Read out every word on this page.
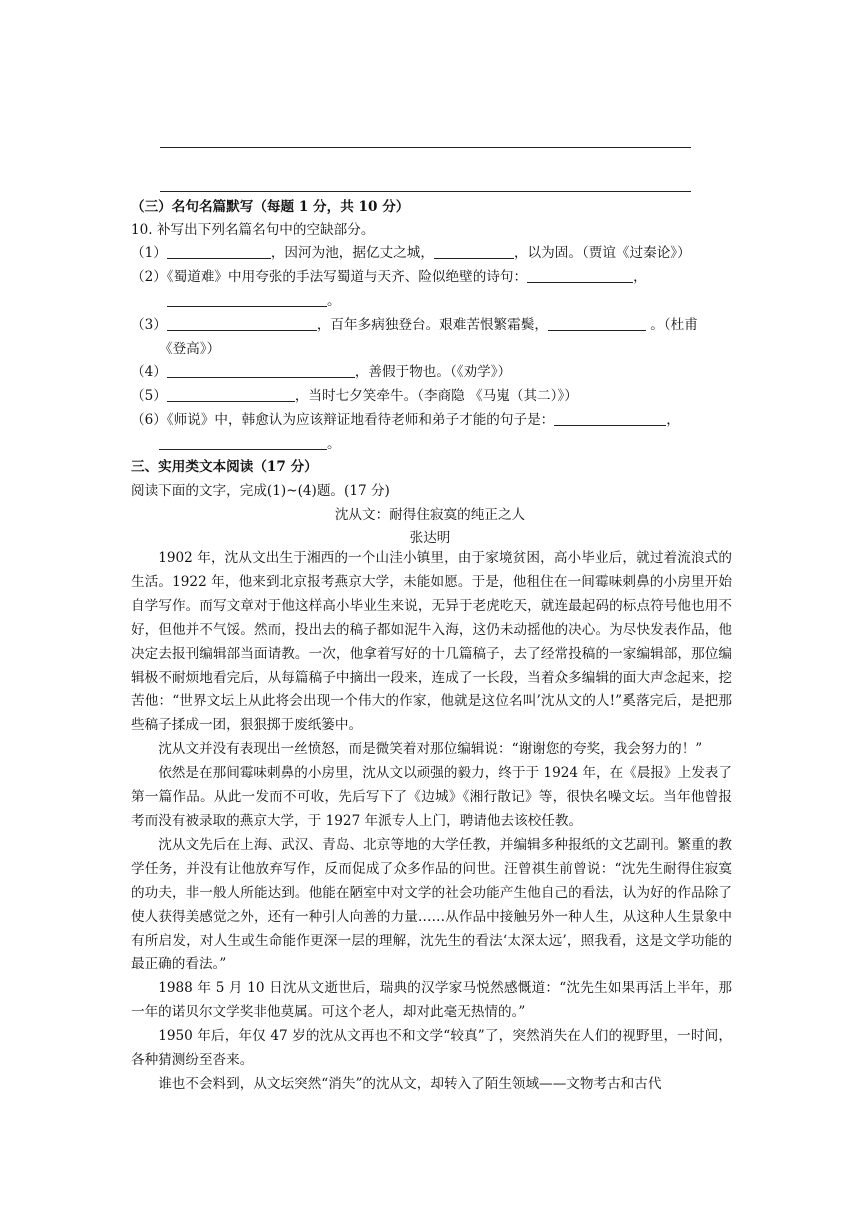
（三）名句名篇默写（每题 1 分，共 10 分）
10. 补写出下列名篇名句中的空缺部分。
（1）	，因河为池，据亿丈之城，	，以为固。（贾谊《过秦论》）
（2）《蜀道难》中用夸张的手法写蜀道与天齐、险似绝壁的诗句：	，
。
（3）	，百年多病独登台。艰难苦恨繁霜鬓，	。（杜甫
《登高》）
（4）	，善假于物也。（《劝学》）
（5）	，当时七夕笑牵牛。（李商隐 《马嵬（其二）》）
（6）《师说》中，韩愈认为应该辩证地看待老师和弟子才能的句子是：	，
。
三、实用类文本阅读（17 分）
阅读下面的文字，完成(1)~(4)题。(17 分)
沈从文：耐得住寂寞的纯正之人
张达明

1902 年，沈从文出生于湘西的一个山洼小镇里，由于家境贫困，高小毕业后，就过着流浪式的生活。1922 年，他来到北京报考燕京大学，未能如愿。于是，他租住在一间霉味刺鼻的小房里开始自学写作。而写文章对于他这样高小毕业生来说，无异于老虎吃天，就连最起码的标点符号他也用不好，但他并不气馁。然而，投出去的稿子都如泥牛入海，这仍未动摇他的决心。为尽快发表作品，他决定去报刊编辑部当面请教。一次，他拿着写好的十几篇稿子，去了经常投稿的一家编辑部，那位编辑极不耐烦地看完后，从每篇稿子中摘出一段来，连成了一长段，当着众多编辑的面大声念起来，挖苦他：“世界文坛上从此将会出现一个伟大的作家，他就是这位名叫’沈从文的人!”奚落完后，是把那些稿子揉成一团，狠狠掷于废纸篓中。

沈从文并没有表现出一丝愤怒，而是微笑着对那位编辑说：“谢谢您的夸奖，我会努力的！”

依然是在那间霉味刺鼻的小房里，沈从文以顽强的毅力，终于于 1924 年，在《晨报》上发表了第一篇作品。从此一发而不可收，先后写下了《边城》《湘行散记》等，很快名噪文坛。当年他曾报考而没有被录取的燕京大学，于 1927 年派专人上门，聘请他去该校任教。

沈从文先后在上海、武汉、青岛、北京等地的大学任教，并编辑多种报纸的文艺副刊。繁重的教学任务，并没有让他放弃写作，反而促成了众多作品的问世。汪曾祺生前曾说：“沈先生耐得住寂寞的功夫，非一般人所能达到。他能在陋室中对文学的社会功能产生他自己的看法，认为好的作品除了使人获得美感觉之外，还有一种引人向善的力量……从作品中接触另外一种人生，从这种人生景象中有所启发，对人生或生命能作更深一层的理解，沈先生的看法‘太深太远’，照我看，这是文学功能的最正确的看法。”

1988 年 5 月 10 日沈从文逝世后，瑞典的汉学家马悦然感慨道：“沈先生如果再活上半年，那一年的诺贝尔文学奖非他莫属。可这个老人，却对此毫无热情的。”

1950 年后，年仅 47 岁的沈从文再也不和文学“较真”了，突然消失在人们的视野里，一时间，各种猜测纷至沓来。

谁也不会料到，从文坛突然“消失”的沈从文，却转入了陌生领域——文物考古和古代
